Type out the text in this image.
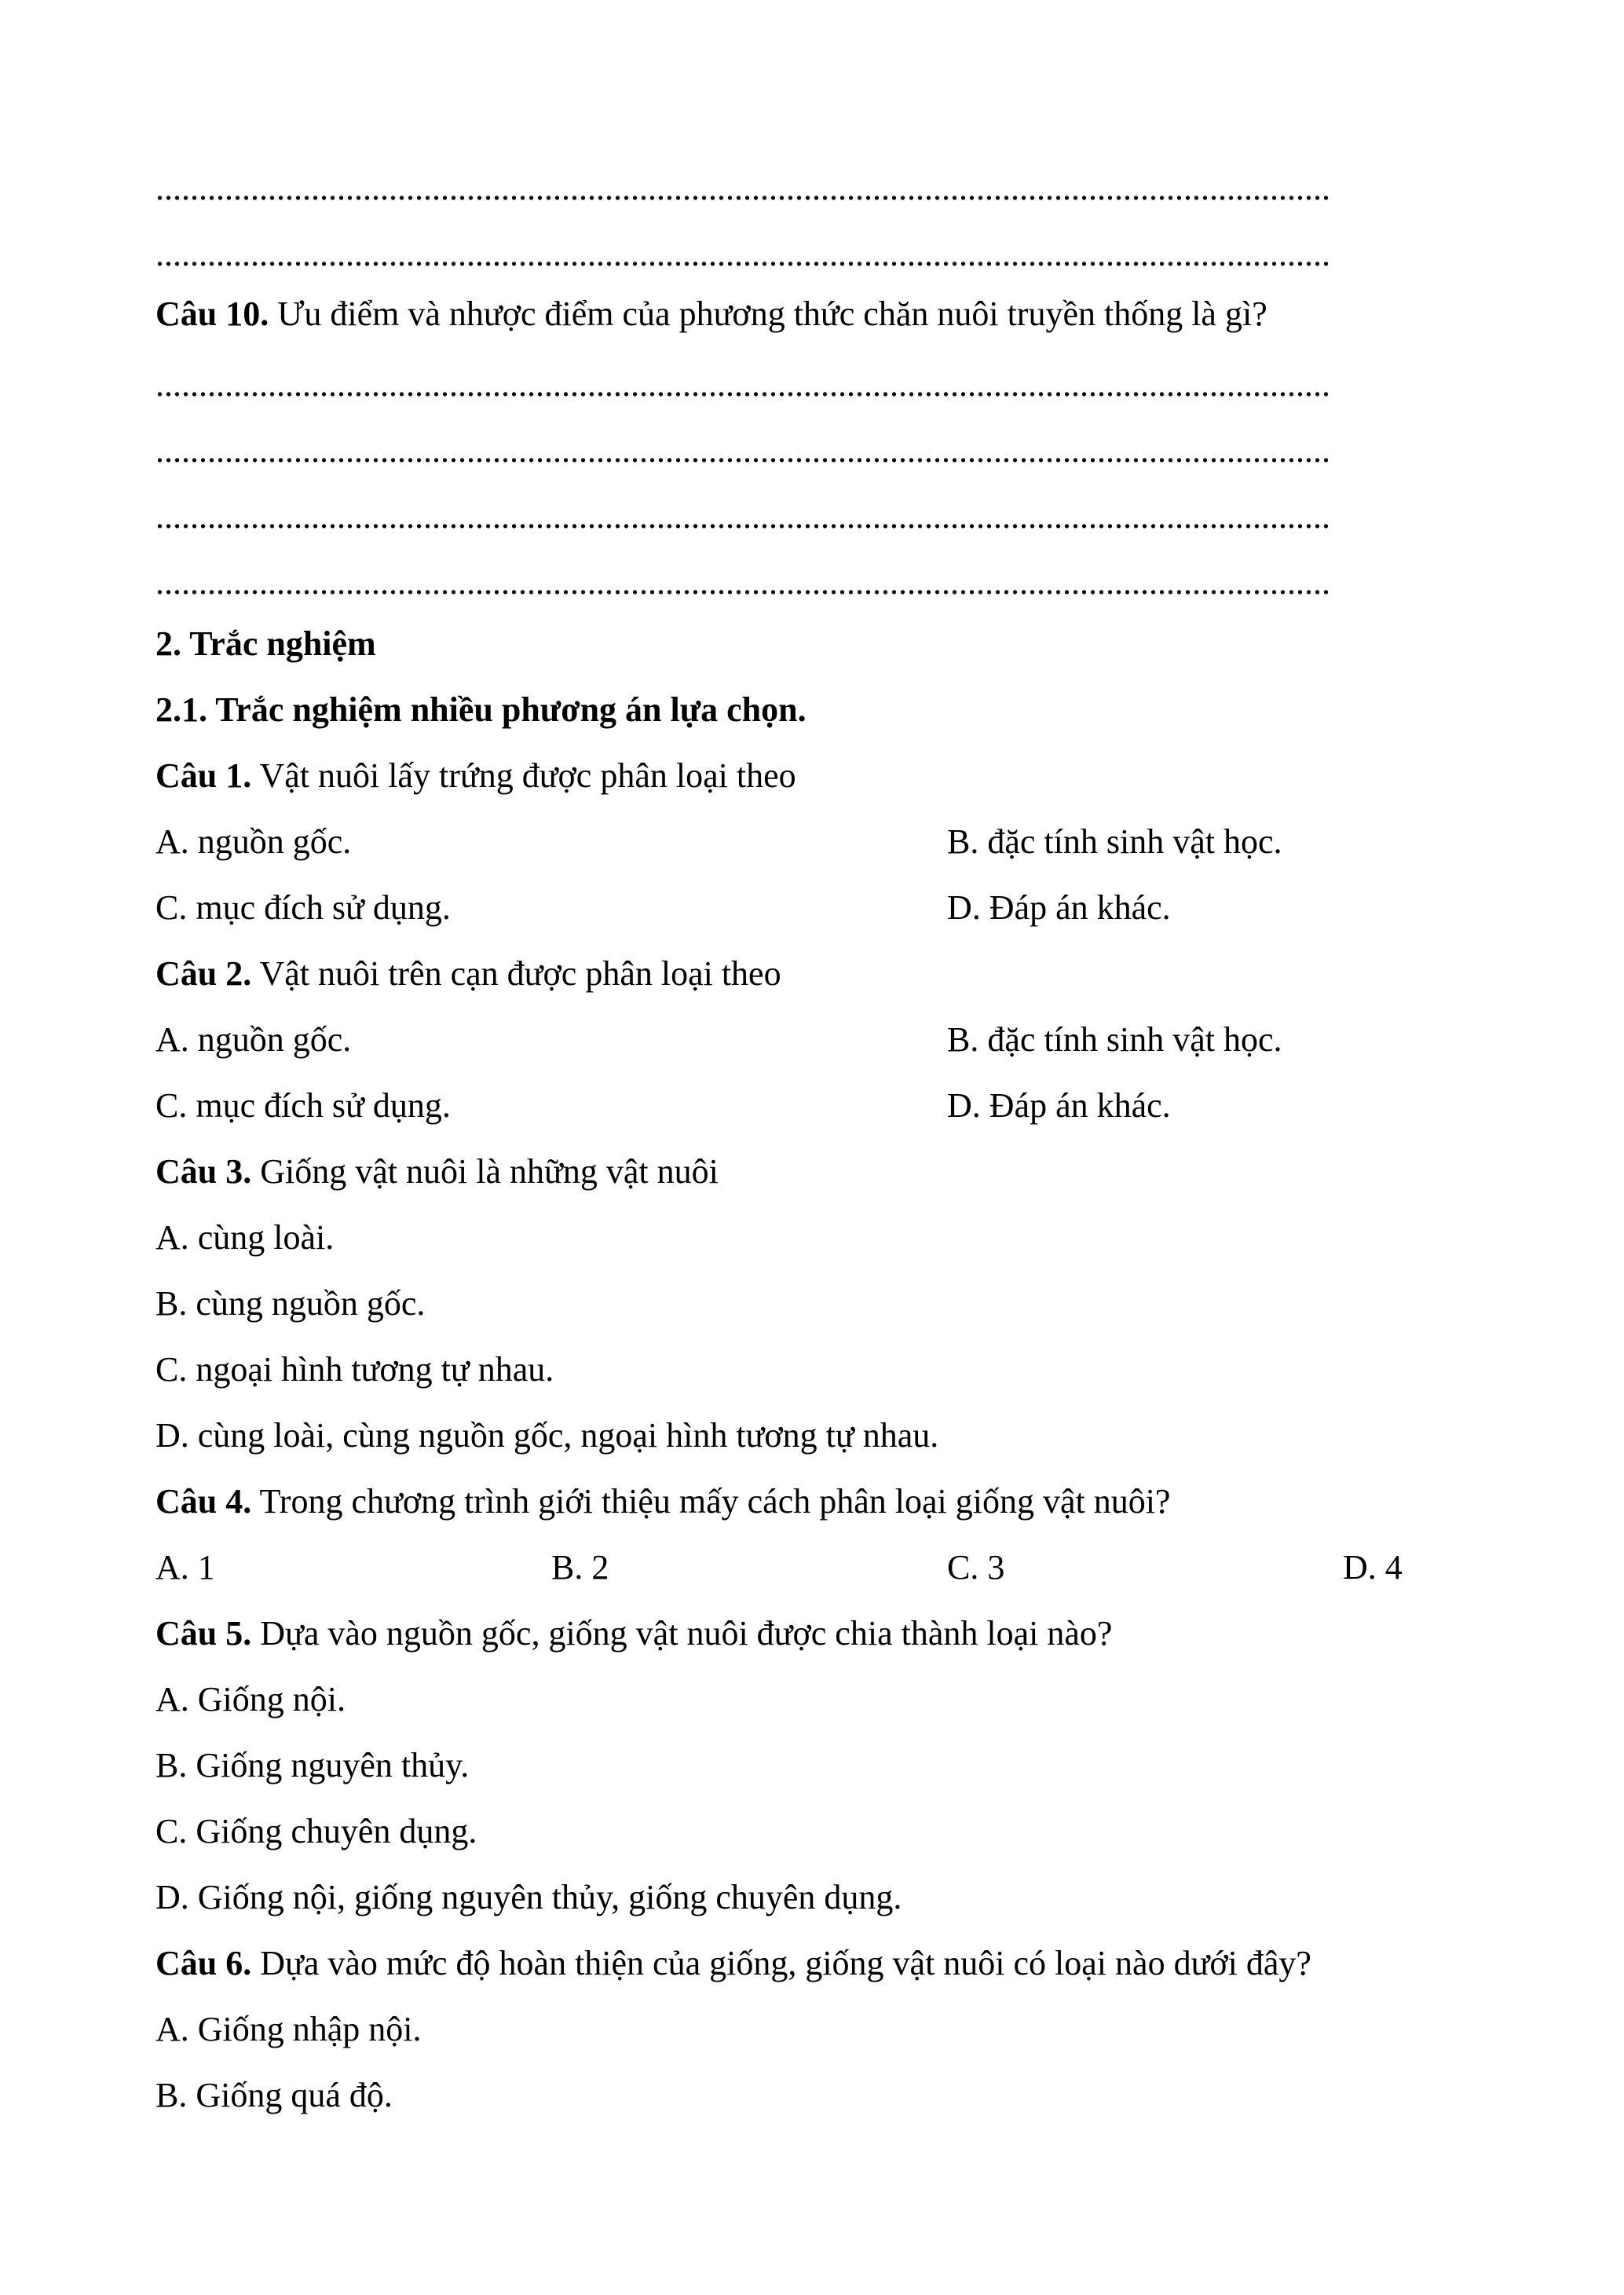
........................................................................................................................................
........................................................................................................................................
Câu 10. Ưu điểm và nhược điểm của phương thức chăn nuôi truyền thống là gì?
........................................................................................................................................
........................................................................................................................................
........................................................................................................................................
........................................................................................................................................
2. Trắc nghiệm
2.1. Trắc nghiệm nhiều phương án lựa chọn.
Câu 1. Vật nuôi lấy trứng được phân loại theo
A. nguồn gốc.	B. đặc tính sinh vật học.
C. mục đích sử dụng.	D. Đáp án khác.
Câu 2. Vật nuôi trên cạn được phân loại theo
A. nguồn gốc.	B. đặc tính sinh vật học.
C. mục đích sử dụng.	D. Đáp án khác.
Câu 3. Giống vật nuôi là những vật nuôi
A. cùng loài.
B. cùng nguồn gốc.
C. ngoại hình tương tự nhau.
D. cùng loài, cùng nguồn gốc, ngoại hình tương tự nhau.
Câu 4. Trong chương trình giới thiệu mấy cách phân loại giống vật nuôi?
A. 1	B. 2	C. 3	D. 4
Câu 5. Dựa vào nguồn gốc, giống vật nuôi được chia thành loại nào?
A. Giống nội.
B. Giống nguyên thủy.
C. Giống chuyên dụng.
D. Giống nội, giống nguyên thủy, giống chuyên dụng.
Câu 6. Dựa vào mức độ hoàn thiện của giống, giống vật nuôi có loại nào dưới đây?
A. Giống nhập nội.
B. Giống quá độ.
